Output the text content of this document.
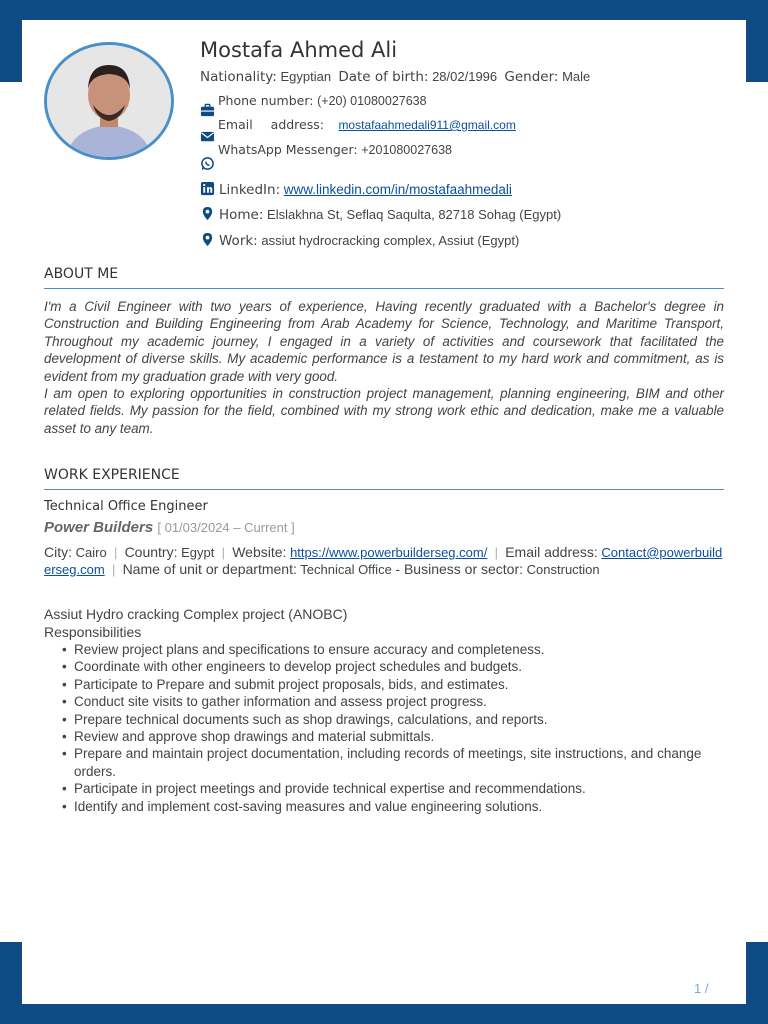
Mostafa Ahmed Ali
Nationality: Egyptian Date of birth: 28/02/1996 Gender: Male
Phone number: (+20) 01080027638
Email address: mostafaahmedali911@gmail.com
WhatsApp Messenger: +201080027638
LinkedIn: www.linkedin.com/in/mostafaahmedali
Home: Elslakhna St, Seflaq Saqulta, 82718 Sohag (Egypt)
Work: assiut hydrocracking complex, Assiut (Egypt)
ABOUT ME

I'm a Civil Engineer with two years of experience, Having recently graduated with a Bachelor's degree in Construction and Building Engineering from Arab Academy for Science, Technology, and Maritime Transport, Throughout my academic journey, I engaged in a variety of activities and coursework that facilitated the development of diverse skills. My academic performance is a testament to my hard work and commitment, as is evident from my graduation grade with very good.

I am open to exploring opportunities in construction project management, planning engineering, BIM and other related fields. My passion for the field, combined with my strong work ethic and dedication, make me a valuable asset to any team.

WORK EXPERIENCE
Technical Office Engineer
Power Builders [ 01/03/2024 – Current ]
City: Cairo  |  Country: Egypt  |  Website: https://www.powerbuilderseg.com/  |  Email address: Contact@powerbuilderseg.com  |  Name of unit or department: Technical Office - Business or sector: Construction
Assiut Hydro cracking Complex project (ANOBC)
Responsibilities
• Review project plans and specifications to ensure accuracy and completeness.
• Coordinate with other engineers to develop project schedules and budgets.
• Participate to Prepare and submit project proposals, bids, and estimates.
• Conduct site visits to gather information and assess project progress.
• Prepare technical documents such as shop drawings, calculations, and reports.
• Review and approve shop drawings and material submittals.
• Prepare and maintain project documentation, including records of meetings, site instructions, and change orders.
• Participate in project meetings and provide technical expertise and recommendations.
• Identify and implement cost-saving measures and value engineering solutions.
1 /
